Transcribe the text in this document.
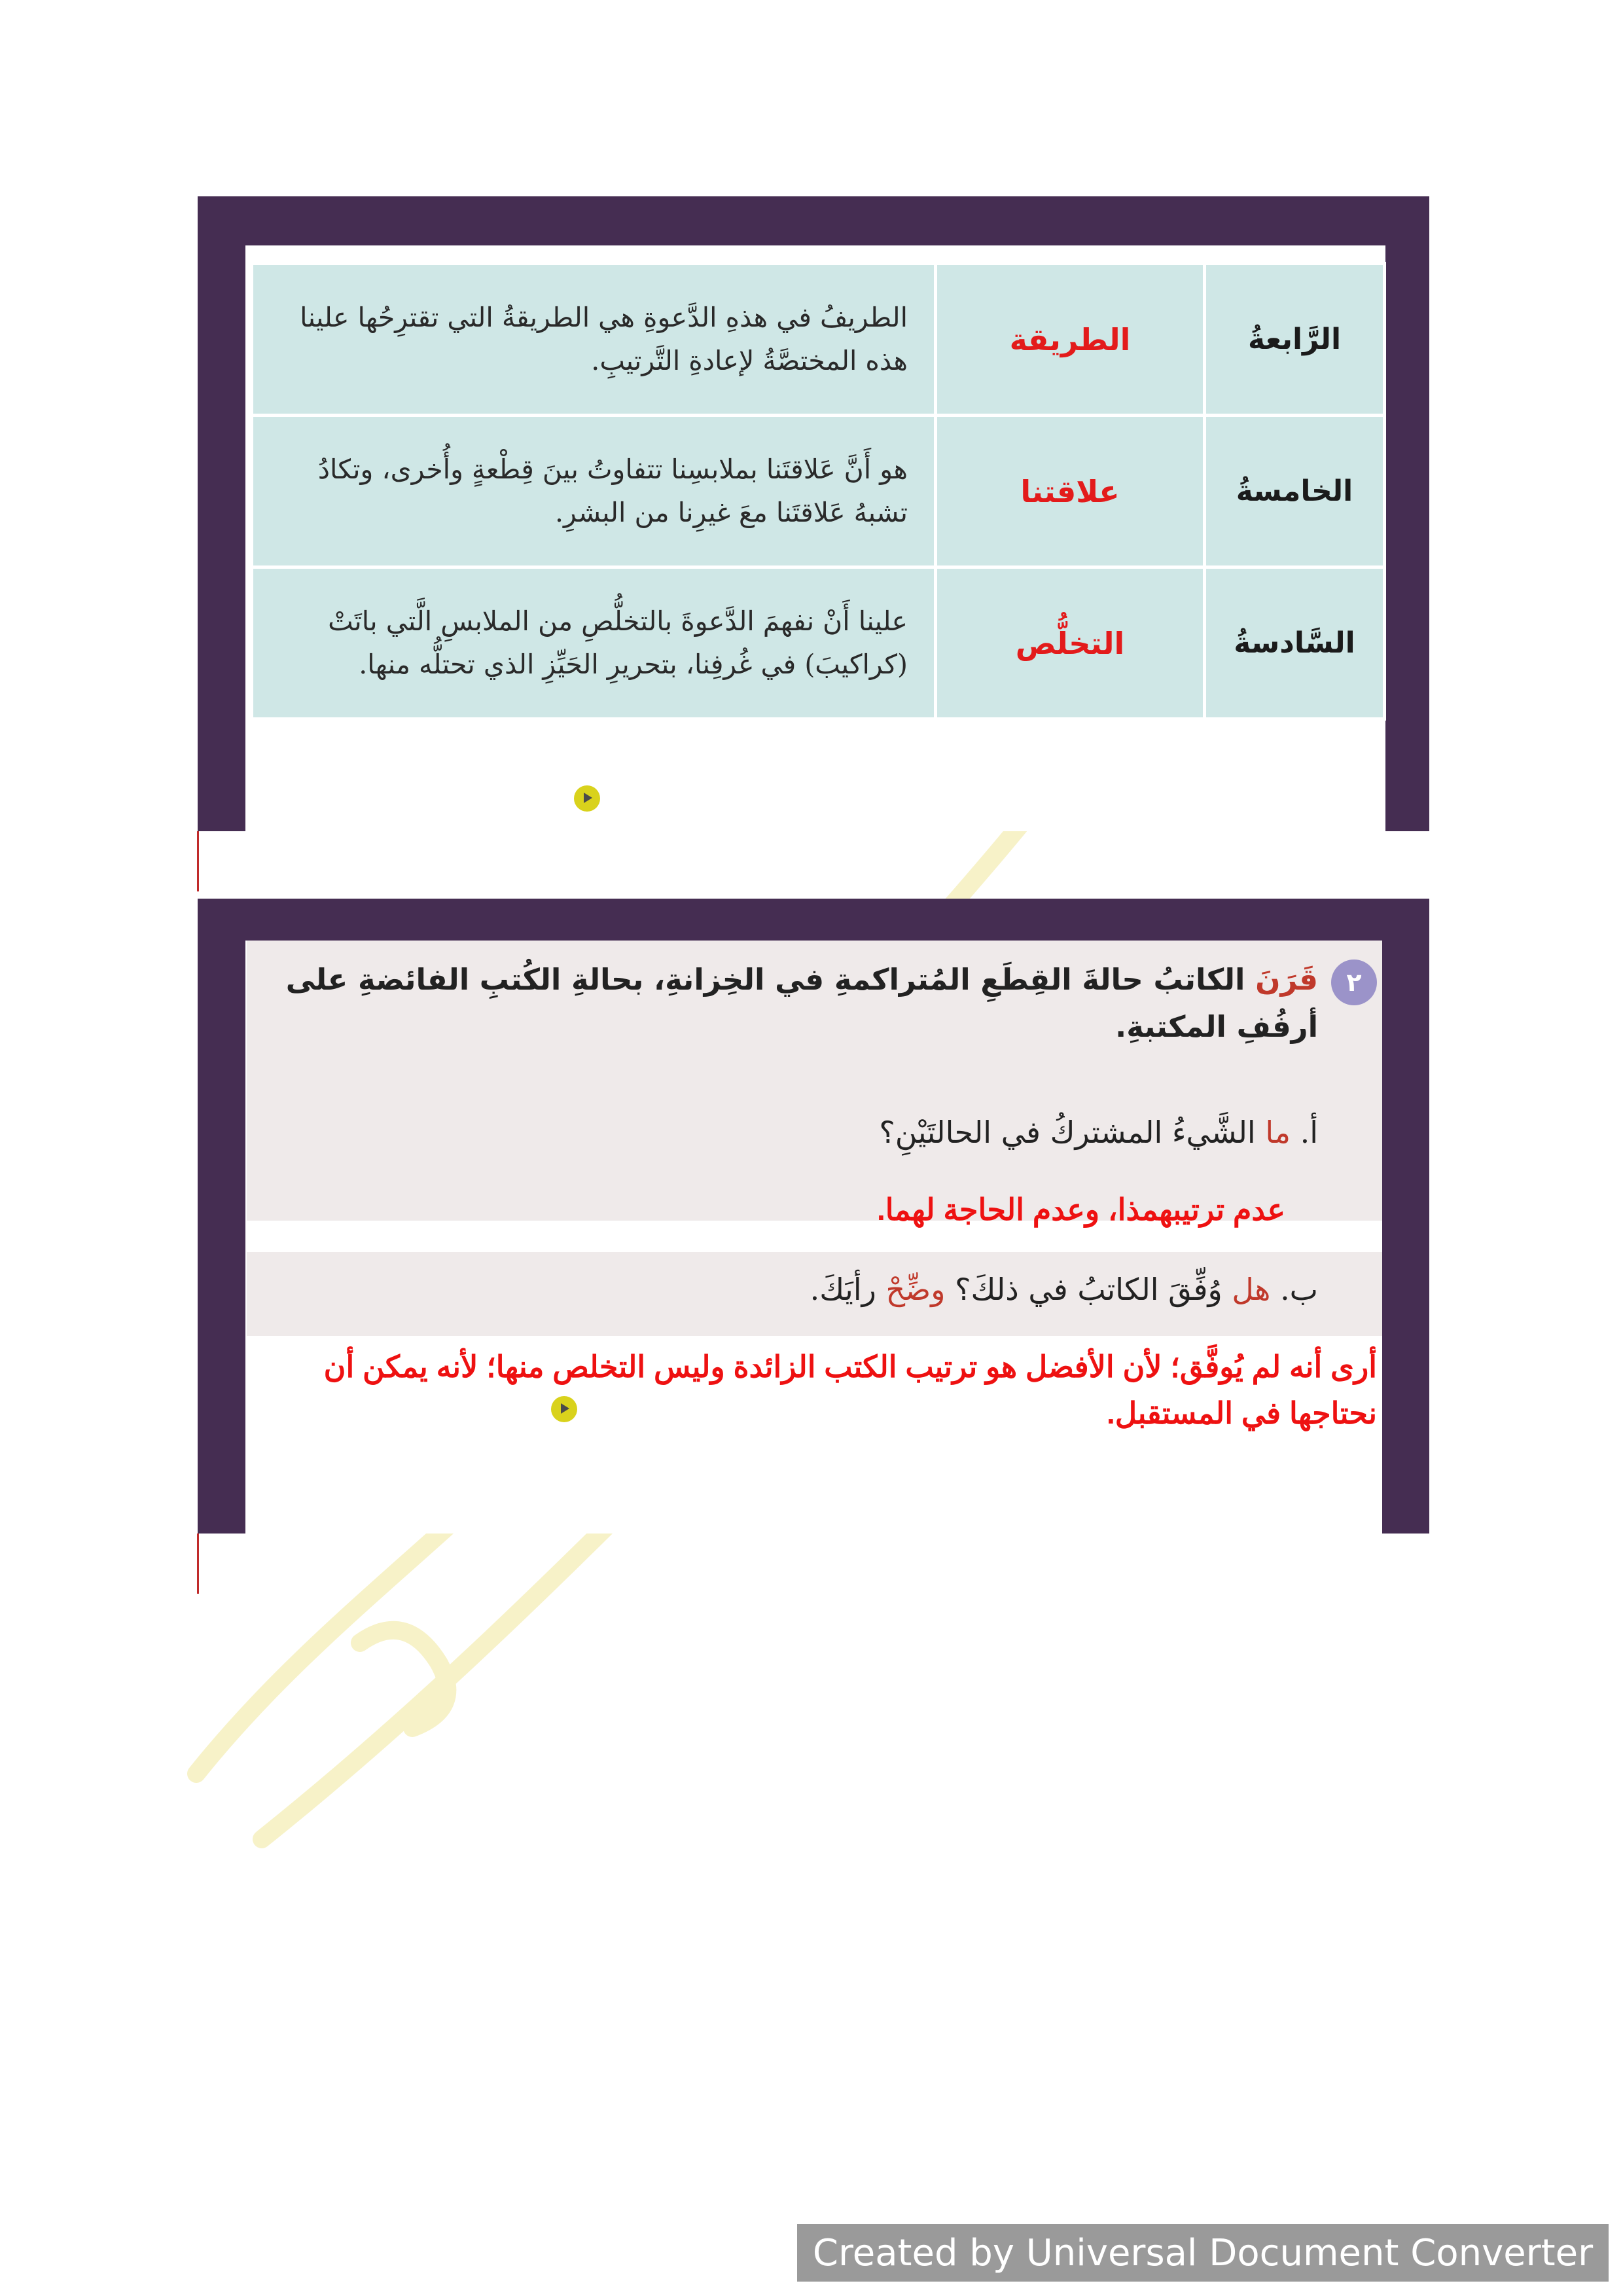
الرَّابعةُ	الطريقة	الطريفُ في هذهِ الدَّعوةِ هي الطريقةُ التي تقترِحُها علينا هذه المختصَّةُ لإعادةِ التَّرتيبِ.
الخامسةُ	علاقتنا	هو أَنَّ عَلاقتَنا بملابسِنا تتفاوتُ بينَ قِطْعةٍ وأُخرى، وتكادُ تشبهُ عَلاقتَنا معَ غيرِنا من البشرِ.
السَّادسةُ	التخلُّص	علينا أَنْ نفهمَ الدَّعوةَ بالتخلُّصِ من الملابسِ الَّتي باتَتْ (كراكيبَ) في غُرفِنا، بتحريرِ الحَيِّزِ الذي تحتلُّه منها.
٢
قَرَنَ الكاتبُ حالةَ القِطَعِ المُتراكمةِ في الخِزانةِ، بحالةِ الكُتبِ الفائضةِ على أرفُفِ المكتبةِ.
أ. ما الشَّيءُ المشتركُ في الحالتَيْنِ؟
عدم ترتيبهمذا، وعدم الحاجة لهما.
ب. هل وُفِّقَ الكاتبُ في ذلكَ؟ وضِّحْ رأيَكَ.
أرى أنه لم يُوفَّق؛ لأن الأفضل هو ترتيب الكتب الزائدة وليس التخلص منها؛ لأنه يمكن أن نحتاجها في المستقبل.
Created by Universal Document Converter
